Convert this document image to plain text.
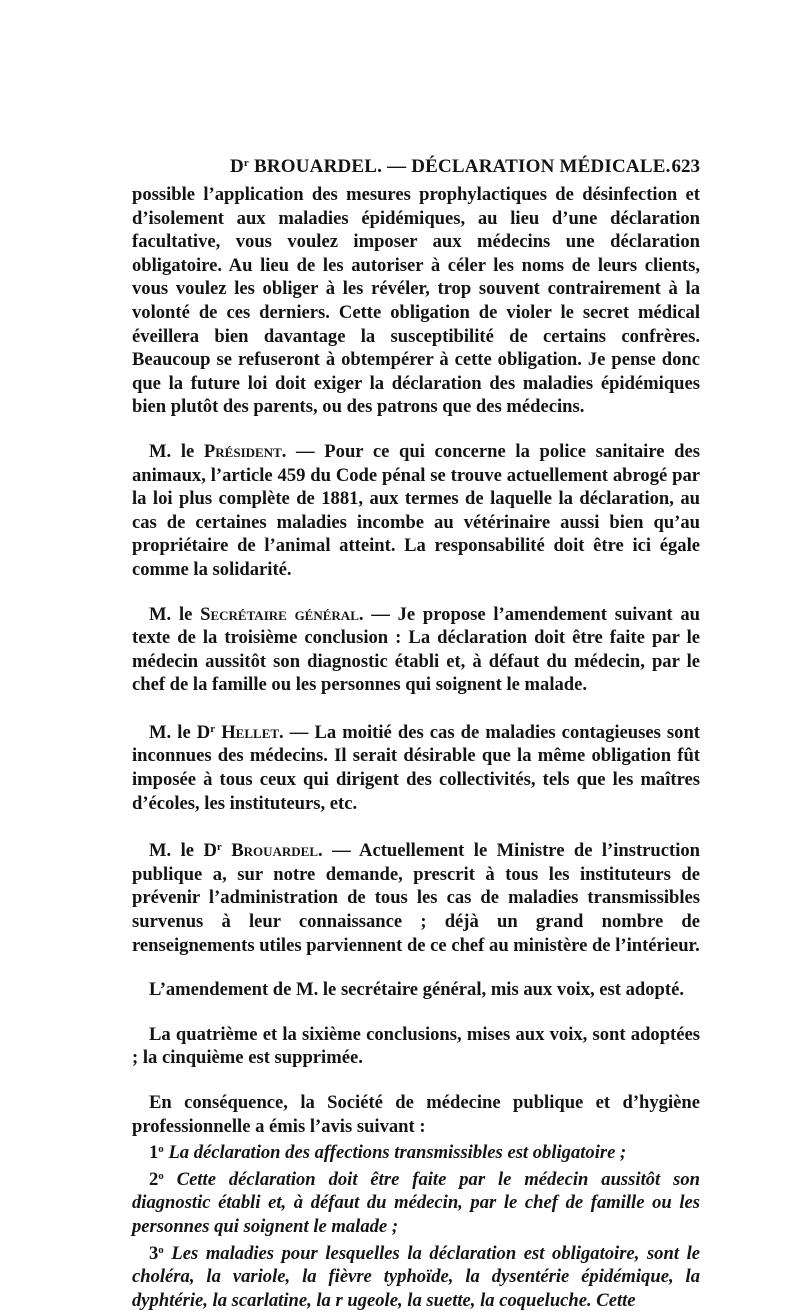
$D^r$ BROUARDEL. — DÉCLARATION MÉDICALE. 623

possible l’application des mesures prophylactiques de désinfection et d’isolement aux maladies épidémiques, au lieu d’une déclaration facultative, vous voulez imposer aux médecins une déclaration obligatoire. Au lieu de les autoriser à céler les noms de leurs clients, vous voulez les obliger à les révéler, trop souvent contrairement à la volonté de ces derniers. Cette obligation de violer le secret médical éveillera bien davantage la susceptibilité de certains confrères. Beaucoup se refuseront à obtempérer à cette obligation. Je pense donc que la future loi doit exiger la déclaration des maladies épidémiques bien plutôt des parents, ou des patrons que des médecins.

M. le Président. — Pour ce qui concerne la police sanitaire des animaux, l’article 459 du Code pénal se trouve actuellement abrogé par la loi plus complète de 1881, aux termes de laquelle la déclaration, au cas de certaines maladies incombe au vétérinaire aussi bien qu’au propriétaire de l’animal atteint. La responsabilité doit être ici égale comme la solidarité.

M. le Secrétaire général. — Je propose l’amendement suivant au texte de la troisième conclusion : La déclaration doit être faite par le médecin aussitôt son diagnostic établi et, à défaut du médecin, par le chef de la famille ou les personnes qui soignent le malade.

M. le $D^r$ Hellet. — La moitié des cas de maladies contagieuses sont inconnues des médecins. Il serait désirable que la même obligation fût imposée à tous ceux qui dirigent des collectivités, tels que les maîtres d’écoles, les instituteurs, etc.

M. le $D^r$ Brouardel. — Actuellement le Ministre de l’instruction publique a, sur notre demande, prescrit à tous les instituteurs de prévenir l’administration de tous les cas de maladies transmissibles survenus à leur connaissance ; déjà un grand nombre de renseignements utiles parviennent de ce chef au ministère de l’intérieur.

L’amendement de M. le secrétaire général, mis aux voix, est adopté.

La quatrième et la sixième conclusions, mises aux voix, sont adoptées ; la cinquième est supprimée.

En conséquence, la Société de médecine publique et d’hygiène professionnelle a émis l’avis suivant :

1$^o$ La déclaration des affections transmissibles est obligatoire ;

2$^o$ Cette déclaration doit être faite par le médecin aussitôt son diagnostic établi et, à défaut du médecin, par le chef de famille ou les personnes qui soignent le malade ;

3$^o$ Les maladies pour lesquelles la déclaration est obligatoire, sont le choléra, la variole, la fièvre typhoïde, la dysentérie épidémique, la dyphtérie, la scarlatine, la r ugeole, la suette, la coqueluche. Cette
